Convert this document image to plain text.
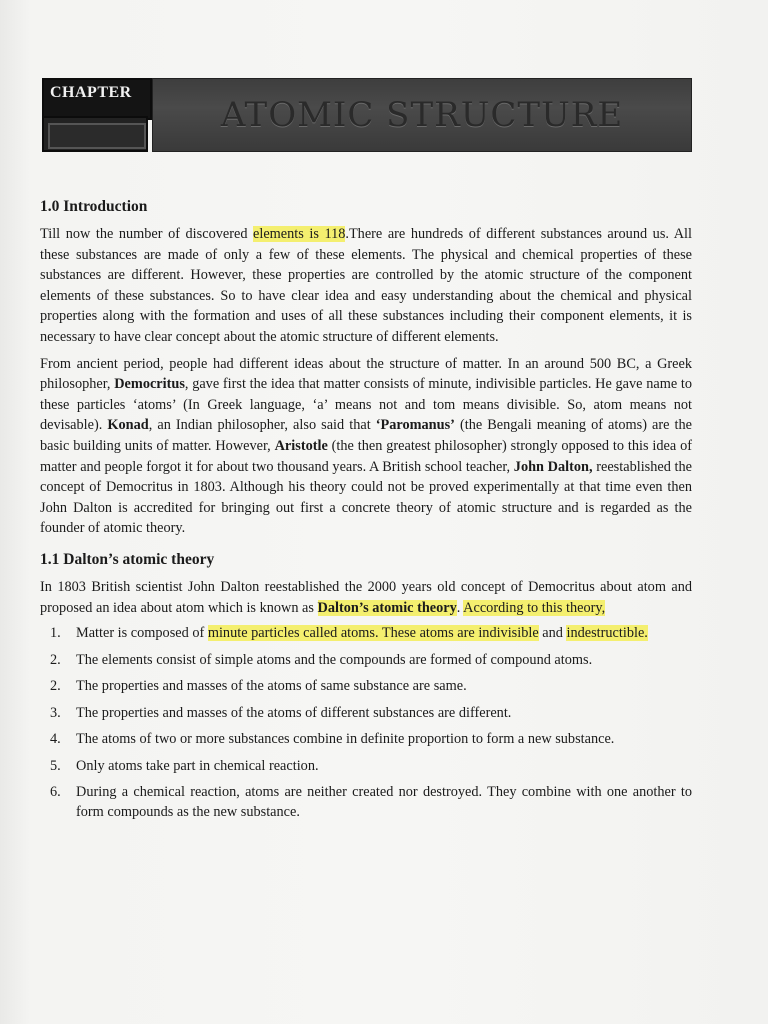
CHAPTER
ATOMIC STRUCTURE
1.0 Introduction

Till now the number of discovered elements is 118.There are hundreds of different substances around us. All these substances are made of only a few of these elements. The physical and chemical properties of these substances are different. However, these properties are controlled by the atomic structure of the component elements of these substances. So to have clear idea and easy understanding about the chemical and physical properties along with the formation and uses of all these substances including their component elements, it is necessary to have clear concept about the atomic structure of different elements.

From ancient period, people had different ideas about the structure of matter. In an around 500 BC, a Greek philosopher, Democritus, gave first the idea that matter consists of minute, indivisible particles. He gave name to these particles ‘atoms’ (In Greek language, ‘a’ means not and tom means divisible. So, atom means not devisable). Konad, an Indian philosopher, also said that ‘Paromanus’ (the Bengali meaning of atoms) are the basic building units of matter. However, Aristotle (the then greatest philosopher) strongly opposed to this idea of matter and people forgot it for about two thousand years. A British school teacher, John Dalton, reestablished the concept of Democritus in 1803. Although his theory could not be proved experimentally at that time even then John Dalton is accredited for bringing out first a concrete theory of atomic structure and is regarded as the founder of atomic theory.

1.1 Dalton’s atomic theory

In 1803 British scientist John Dalton reestablished the 2000 years old concept of Democritus about atom and proposed an idea about atom which is known as Dalton’s atomic theory. According to this theory,

1. Matter is composed of minute particles called atoms. These atoms are indivisible and indestructible.
2. The elements consist of simple atoms and the compounds are formed of compound atoms.
2. The properties and masses of the atoms of same substance are same.
3. The properties and masses of the atoms of different substances are different.
4. The atoms of two or more substances combine in definite proportion to form a new substance.
5. Only atoms take part in chemical reaction.
6. During a chemical reaction, atoms are neither created nor destroyed. They combine with one another to form compounds as the new substance.
